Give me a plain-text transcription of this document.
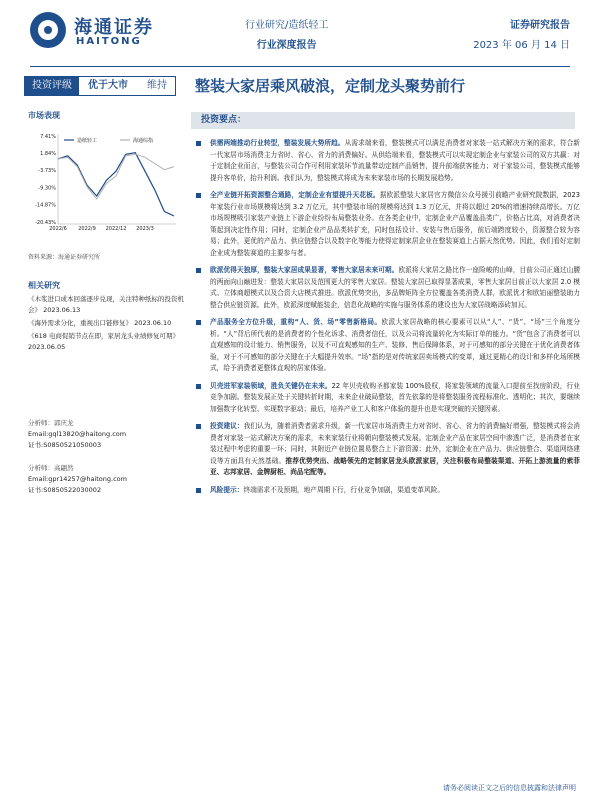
海通证券
HAITONG
行业研究/造纸轻工
行业深度报告
证券研究报告
2023 年 06 月 14 日
投资评级	优于大市	维持	整装大家居乘风破浪，定制龙头聚势前行
市场表现
7.41%
1.84%
-3.73%
-9.30%
-14.87%
-20.43%
2022/6 2022/9 2022/12 2023/3
造纸轻工	海通综指
资料来源：海通证券研究所
相关研究

《木浆进口成本回落逐步兑现，关注特种纸标的投资机会》 2023.06.13

《海外需求分化，重视出口链修复》 2023.06.10

《618 电商促销节点在即，家居龙头业绩修复可期》 2023.06.05

分析师：郭庆龙
Email:gql13820@haitong.com
证书:S0850521050003
分析师：高翩然
Email:gpr14257@haitong.com
证书:S0850522030002
投资要点：
供需两端推动行业转型，整装发展大势所趋。从需求端来看，整装模式可以满足消费者对家装一站式解决方案的需求，符合新一代家居市场消费主力省时、省心、省力的消费偏好。从供给端来看，整装模式可以实现定制企业与家装公司的双方共赢：对于定制企业而言，与整装公司合作可利用家装环节流量带动定制产品销售，提升前端获客能力；对于家装公司，整装模式能够提升客单价，抬升利润。我们认为，整装模式将成为未来家装市场的长期发展趋势。
全产业链开拓资源整合通路，定制企业有望提升天花板。据欧派整装大家居官方微信公众号援引前瞻产业研究院数据，2023 年家装行业市场规模将达到 3.2 万亿元，其中整装市场的规模将达到 1.3 万亿元，并将以超过 20%的增速持续高增长。万亿市场规模吸引家装产业链上下游企业纷纷布局整装业务。在各类企业中，定制企业产品覆盖品类广，价格占比高，对消费者决策起到决定性作用；同时，定制企业产品品类转扩充，同时包括设计、安装与售后服务，前后端跨度较小，资源整合较为容易；此外，更优的产品力、供应链整合以及数字化等能力使得定制家居企业在整装赛道上占据天然优势。因此，我们看好定制企业成为整装赛道的主要参与者。
欧派优得天独厚，整装大家居成果显著，零售大家居未来可期。欧派将大家居之路比作一座险峻的山峰，目前公司正通过山腰的两面向山巅进发：整装大家居以及范围更大的零售大家居。整装大家居已取得显著成果，零售大家居目前正以大家居 2.0 模式、立体商超模式以及合资大店模式推进。欧派优势突出，多品牌矩阵全方位覆盖各类消费人群，欧派优才和欧铂丽整装助力整合供应链资源。此外，欧派深度赋能装企，信息化战略的实施与服务体系的建设也为大家居战略添砖加瓦。
产品服务全方位升级，重构“人、货、场”零售新格局。欧派大家居战略的核心要素可以从“人”、“货”、“场”三个角度分析。“人”背后所代表的是消费者的个性化诉求、消费者信任，以及公司将流量转化为实际订单的能力。“货”包含了消费者可以直观感知的设计能力、销售服务，以及不可直观感知的生产、装修、售后保障体系，对于可感知的部分关键在于优化消费者体验，对于不可感知的部分关键在于大幅提升效率。“场”指的是对传统家居卖场模式的变革，通过更精心的设计和多样化场所模式，给予消费者更整体直观的居家体验。
贝壳进军家装领域，胜负关键仍在未来。22 年贝壳收购圣都家装 100%股权，将家装领域的流量入口提前至找房阶段，行业竞争加剧。整装发展正处于关键转折时期，未来企业破局整装，首先依靠的是将整装服务流程标准化、透明化；其次，要继续加强数字化转型、实现数字驱动；最后，培养产业工人和客户体验的提升也是实现突破的关键因素。
投资建议：我们认为，随着消费者需求升级，新一代家居市场消费主力对省时、省心、省力的消费偏好增强，整装模式将会消费者对家装一站式解决方案的需求，未来家装行业将朝向整装模式发展。定制企业产品在家居空间中渗透广泛，是消费者在家装过程中考虑的重要一环；同时，其附近产业链位置易整合上下游资源；此外，定制企业在产品力、供应链整合、渠道网络建设等方面具有天然基础。推荐优势突出、战略领先的定制家居龙头欧派家居，关注积极布局整装渠道、开拓上游流量的索菲亚、志邦家居、金牌厨柜、尚品宅配等。
风险提示：终端需求不及预期，地产周期下行，行业竞争加剧，渠道变革风险。
请务必阅读正文之后的信息披露和法律声明
